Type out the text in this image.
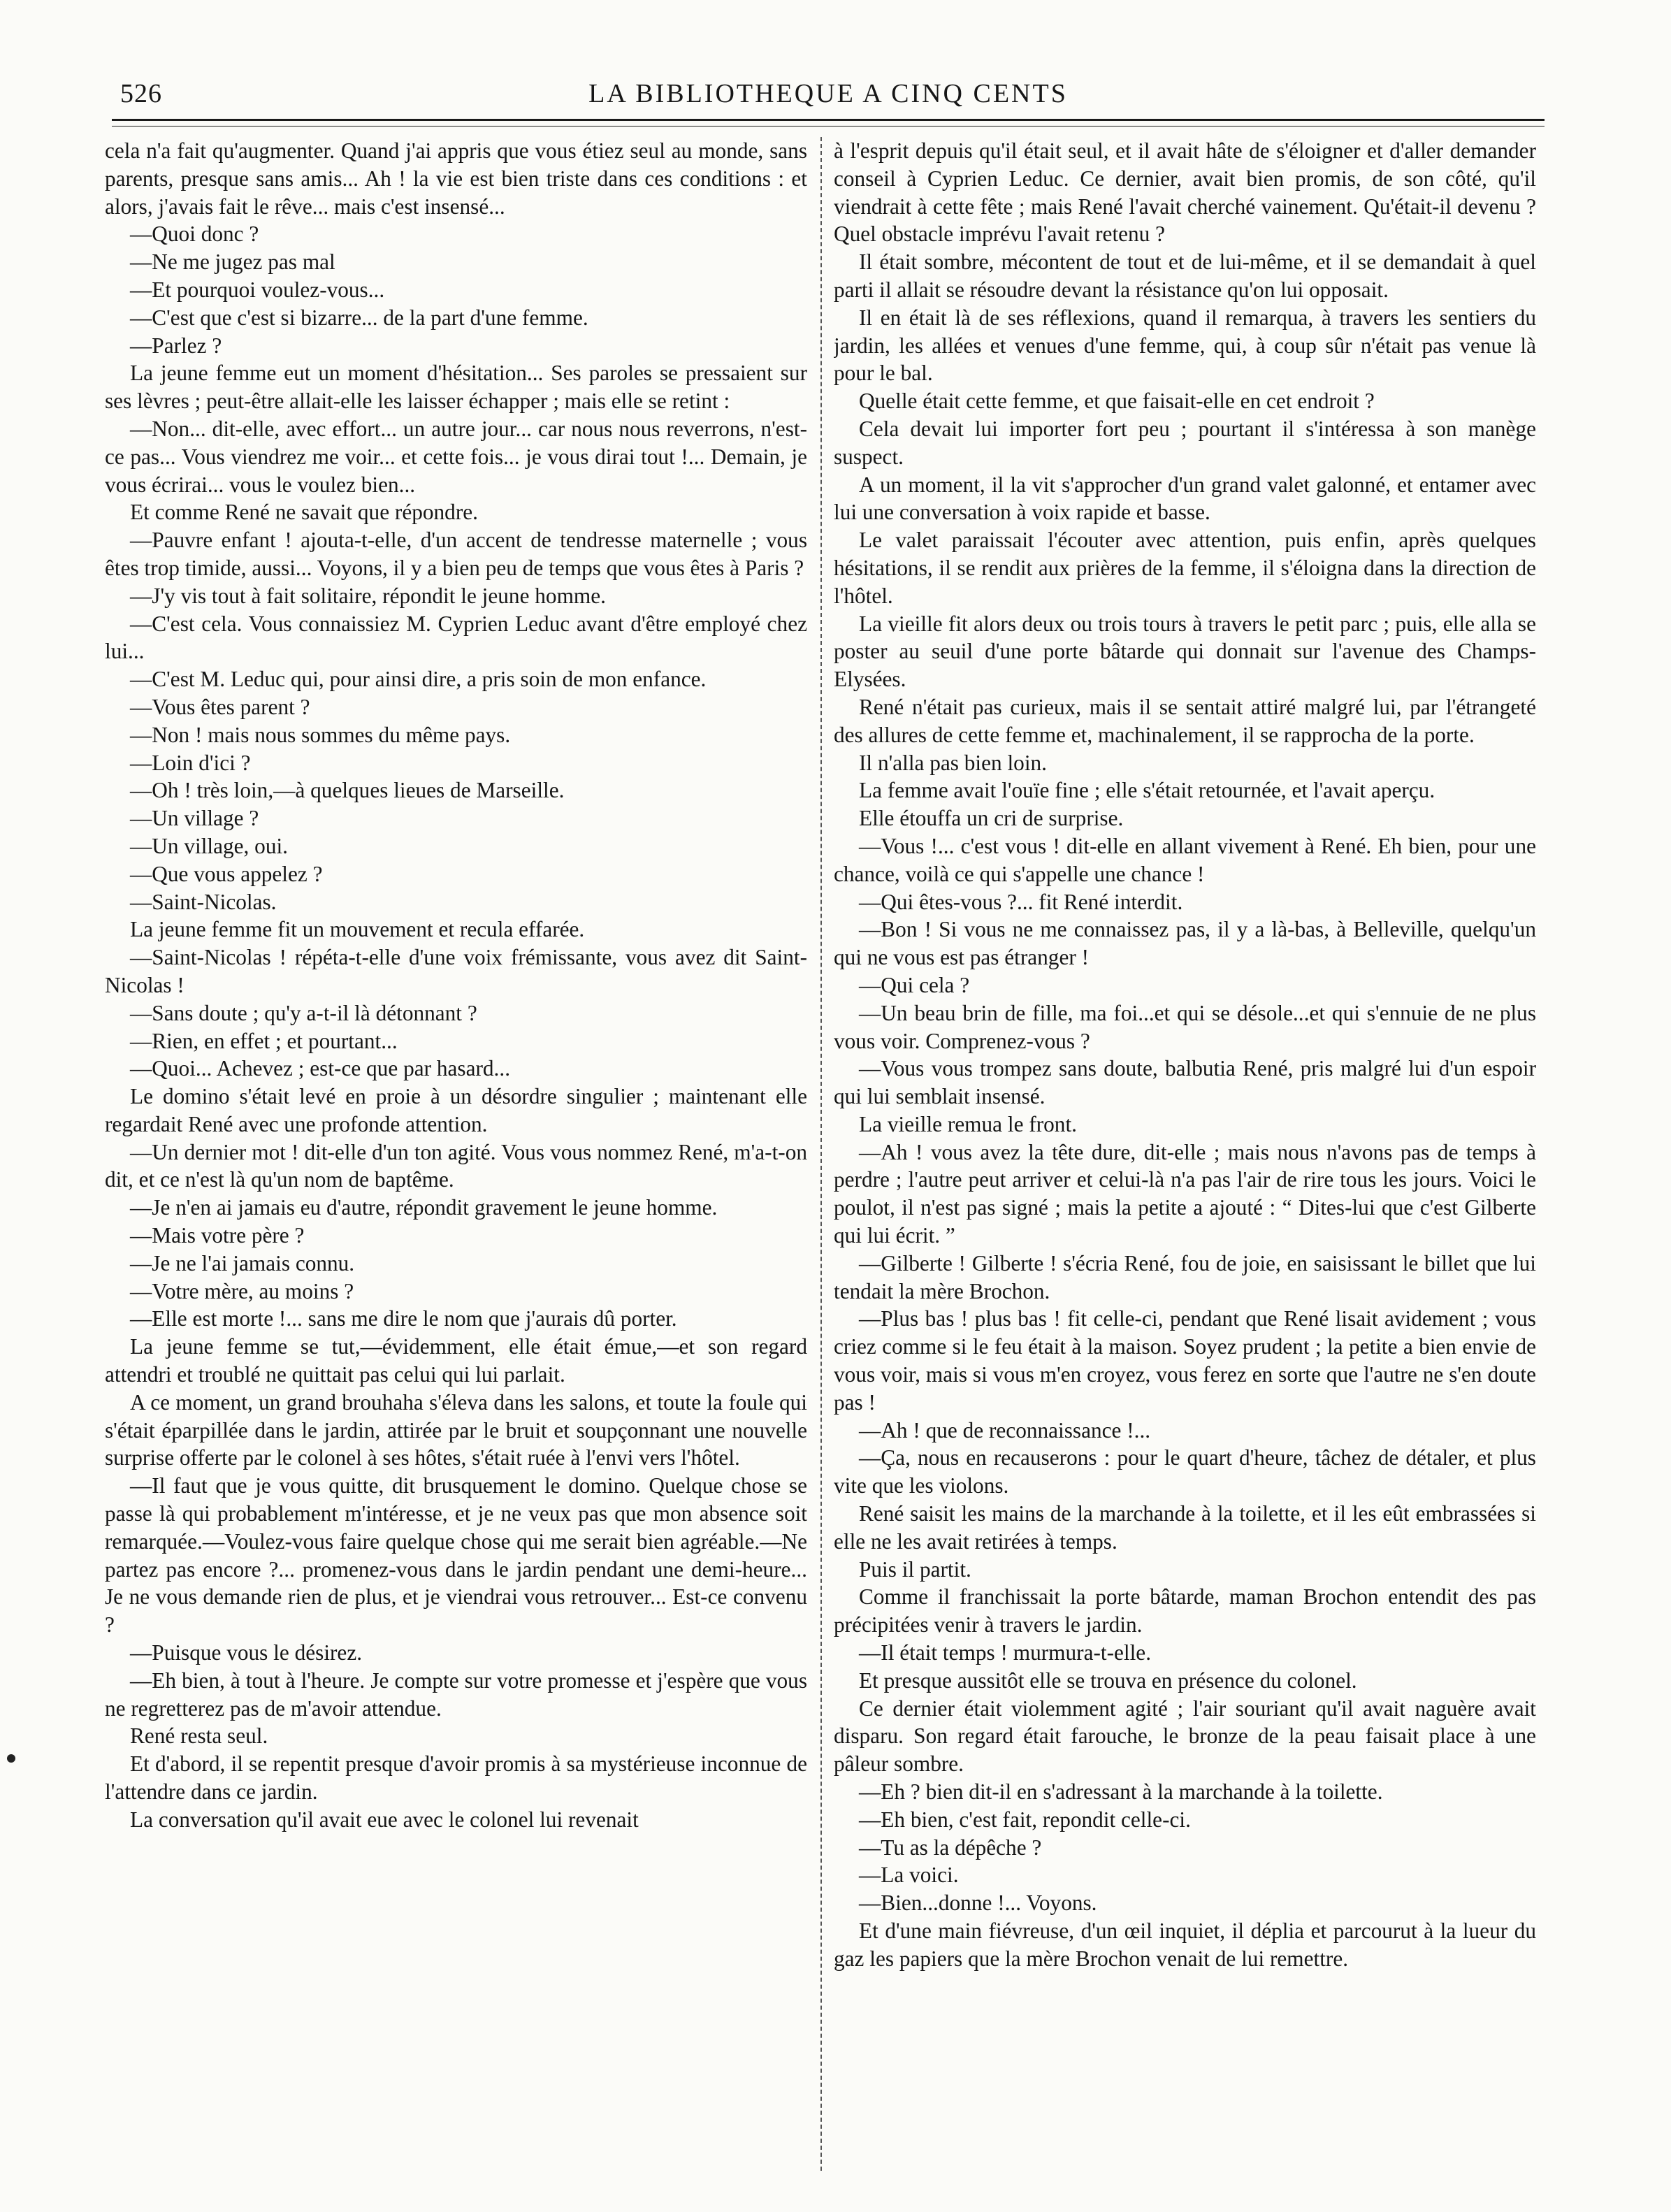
526	LA BIBLIOTHEQUE A CINQ CENTS

cela n'a fait qu'augmenter. Quand j'ai appris que vous étiez seul au monde, sans parents, presque sans amis... Ah ! la vie est bien triste dans ces conditions : et alors, j'avais fait le rêve... mais c'est insensé...

—Quoi donc ?

—Ne me jugez pas mal

—Et pourquoi voulez-vous...

—C'est que c'est si bizarre... de la part d'une femme.

—Parlez ?

La jeune femme eut un moment d'hésitation... Ses paroles se pressaient sur ses lèvres ; peut-être allait-elle les laisser échapper ; mais elle se retint :

—Non... dit-elle, avec effort... un autre jour... car nous nous reverrons, n'est-ce pas... Vous viendrez me voir... et cette fois... je vous dirai tout !... Demain, je vous écrirai... vous le voulez bien...

Et comme René ne savait que répondre.

—Pauvre enfant ! ajouta-t-elle, d'un accent de tendresse maternelle ; vous êtes trop timide, aussi... Voyons, il y a bien peu de temps que vous êtes à Paris ?

—J'y vis tout à fait solitaire, répondit le jeune homme.

—C'est cela. Vous connaissiez M. Cyprien Leduc avant d'être employé chez lui...

—C'est M. Leduc qui, pour ainsi dire, a pris soin de mon enfance.

—Vous êtes parent ?

—Non ! mais nous sommes du même pays.

—Loin d'ici ?

—Oh ! très loin,—à quelques lieues de Marseille.

—Un village ?

—Un village, oui.

—Que vous appelez ?

—Saint-Nicolas.

La jeune femme fit un mouvement et recula effarée.

—Saint-Nicolas ! répéta-t-elle d'une voix frémissante, vous avez dit Saint-Nicolas !

—Sans doute ; qu'y a-t-il là détonnant ?

—Rien, en effet ; et pourtant...

—Quoi... Achevez ; est-ce que par hasard...

Le domino s'était levé en proie à un désordre singulier ; maintenant elle regardait René avec une profonde attention.

—Un dernier mot ! dit-elle d'un ton agité. Vous vous nommez René, m'a-t-on dit, et ce n'est là qu'un nom de baptême.

—Je n'en ai jamais eu d'autre, répondit gravement le jeune homme.

—Mais votre père ?

—Je ne l'ai jamais connu.

—Votre mère, au moins ?

—Elle est morte !... sans me dire le nom que j'aurais dû porter.

La jeune femme se tut,—évidemment, elle était émue,—et son regard attendri et troublé ne quittait pas celui qui lui parlait.

A ce moment, un grand brouhaha s'éleva dans les salons, et toute la foule qui s'était éparpillée dans le jardin, attirée par le bruit et soupçonnant une nouvelle surprise offerte par le colonel à ses hôtes, s'était ruée à l'envi vers l'hôtel.

—Il faut que je vous quitte, dit brusquement le domino. Quelque chose se passe là qui probablement m'intéresse, et je ne veux pas que mon absence soit remarquée.—Voulez-vous faire quelque chose qui me serait bien agréable.—Ne partez pas encore ?... promenez-vous dans le jardin pendant une demi-heure... Je ne vous demande rien de plus, et je viendrai vous retrouver... Est-ce convenu ?

—Puisque vous le désirez.

—Eh bien, à tout à l'heure. Je compte sur votre promesse et j'espère que vous ne regretterez pas de m'avoir attendue.

René resta seul.

Et d'abord, il se repentit presque d'avoir promis à sa mystérieuse inconnue de l'attendre dans ce jardin.

La conversation qu'il avait eue avec le colonel lui revenait

à l'esprit depuis qu'il était seul, et il avait hâte de s'éloigner et d'aller demander conseil à Cyprien Leduc. Ce dernier, avait bien promis, de son côté, qu'il viendrait à cette fête ; mais René l'avait cherché vainement. Qu'était-il devenu ? Quel obstacle imprévu l'avait retenu ?

Il était sombre, mécontent de tout et de lui-même, et il se demandait à quel parti il allait se résoudre devant la résistance qu'on lui opposait.

Il en était là de ses réflexions, quand il remarqua, à travers les sentiers du jardin, les allées et venues d'une femme, qui, à coup sûr n'était pas venue là pour le bal.

Quelle était cette femme, et que faisait-elle en cet endroit ?

Cela devait lui importer fort peu ; pourtant il s'intéressa à son manège suspect.

A un moment, il la vit s'approcher d'un grand valet galonné, et entamer avec lui une conversation à voix rapide et basse.

Le valet paraissait l'écouter avec attention, puis enfin, après quelques hésitations, il se rendit aux prières de la femme, il s'éloigna dans la direction de l'hôtel.

La vieille fit alors deux ou trois tours à travers le petit parc ; puis, elle alla se poster au seuil d'une porte bâtarde qui donnait sur l'avenue des Champs-Elysées.

René n'était pas curieux, mais il se sentait attiré malgré lui, par l'étrangeté des allures de cette femme et, machinalement, il se rapprocha de la porte.

Il n'alla pas bien loin.

La femme avait l'ouïe fine ; elle s'était retournée, et l'avait aperçu.

Elle étouffa un cri de surprise.

—Vous !... c'est vous ! dit-elle en allant vivement à René. Eh bien, pour une chance, voilà ce qui s'appelle une chance !

—Qui êtes-vous ?... fit René interdit.

—Bon ! Si vous ne me connaissez pas, il y a là-bas, à Belleville, quelqu'un qui ne vous est pas étranger !

—Qui cela ?

—Un beau brin de fille, ma foi...et qui se désole...et qui s'ennuie de ne plus vous voir. Comprenez-vous ?

—Vous vous trompez sans doute, balbutia René, pris malgré lui d'un espoir qui lui semblait insensé.

La vieille remua le front.

—Ah ! vous avez la tête dure, dit-elle ; mais nous n'avons pas de temps à perdre ; l'autre peut arriver et celui-là n'a pas l'air de rire tous les jours. Voici le poulot, il n'est pas signé ; mais la petite a ajouté : “ Dites-lui que c'est Gilberte qui lui écrit. ”

—Gilberte ! Gilberte ! s'écria René, fou de joie, en saisissant le billet que lui tendait la mère Brochon.

—Plus bas ! plus bas ! fit celle-ci, pendant que René lisait avidement ; vous criez comme si le feu était à la maison. Soyez prudent ; la petite a bien envie de vous voir, mais si vous m'en croyez, vous ferez en sorte que l'autre ne s'en doute pas !

—Ah ! que de reconnaissance !...

—Ça, nous en recauserons : pour le quart d'heure, tâchez de détaler, et plus vite que les violons.

René saisit les mains de la marchande à la toilette, et il les eût embrassées si elle ne les avait retirées à temps.

Puis il partit.

Comme il franchissait la porte bâtarde, maman Brochon entendit des pas précipitées venir à travers le jardin.

—Il était temps ! murmura-t-elle.

Et presque aussitôt elle se trouva en présence du colonel.

Ce dernier était violemment agité ; l'air souriant qu'il avait naguère avait disparu. Son regard était farouche, le bronze de la peau faisait place à une pâleur sombre.

—Eh ? bien dit-il en s'adressant à la marchande à la toilette.

—Eh bien, c'est fait, repondit celle-ci.

—Tu as la dépêche ?

—La voici.

—Bien...donne !... Voyons.

Et d'une main fiévreuse, d'un œil inquiet, il déplia et parcourut à la lueur du gaz les papiers que la mère Brochon venait de lui remettre.
